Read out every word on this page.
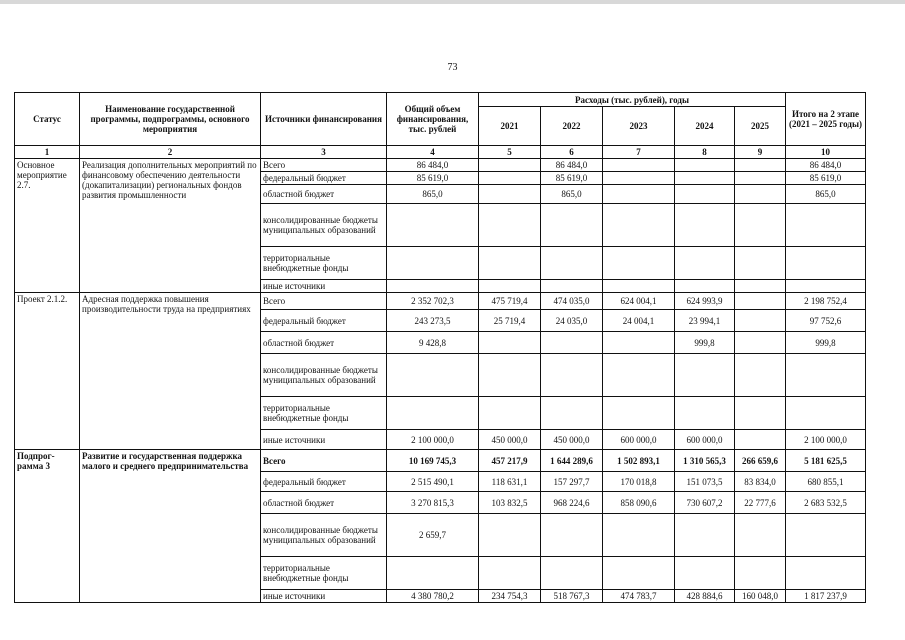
73
Статус	Наименование государственной программы, подпрограммы, основного мероприятия	Источники финансирования	Общий объем финансирования, тыс. рублей	Расходы (тыс. рублей), годы					Итого на 2 этапе (2021 – 2025 годы)
				2021	2022	2023	2024	2025	
1	2	3	4	5	6	7	8	9	10
Основное мероприятие 2.7.	Реализация дополнительных мероприятий по финансовому обеспечению деятельности (докапитализации) региональных фондов развития промышленности	Всего	86 484,0		86 484,0				86 484,0
		федеральный бюджет	85 619,0		85 619,0				85 619,0
		областной бюджет	865,0		865,0				865,0
		консолидированные бюджеты муниципальных образований							
		территориальные внебюджетные фонды							
		иные источники							
Проект 2.1.2.	Адресная поддержка повышения производительности труда на предприятиях	Всего	2 352 702,3	475 719,4	474 035,0	624 004,1	624 993,9		2 198 752,4
		федеральный бюджет	243 273,5	25 719,4	24 035,0	24 004,1	23 994,1		97 752,6
		областной бюджет	9 428,8				999,8		999,8
		консолидированные бюджеты муниципальных образований							
		территориальные внебюджетные фонды							
		иные источники	2 100 000,0	450 000,0	450 000,0	600 000,0	600 000,0		2 100 000,0
Подпрог-рамма 3	Развитие и государственная поддержка малого и среднего предпринимательства	Всего	10 169 745,3	457 217,9	1 644 289,6	1 502 893,1	1 310 565,3	266 659,6	5 181 625,5
		федеральный бюджет	2 515 490,1	118 631,1	157 297,7	170 018,8	151 073,5	83 834,0	680 855,1
		областной бюджет	3 270 815,3	103 832,5	968 224,6	858 090,6	730 607,2	22 777,6	2 683 532,5
		консолидированные бюджеты муниципальных образований	2 659,7						
		территориальные внебюджетные фонды							
		иные источники	4 380 780,2	234 754,3	518 767,3	474 783,7	428 884,6	160 048,0	1 817 237,9
